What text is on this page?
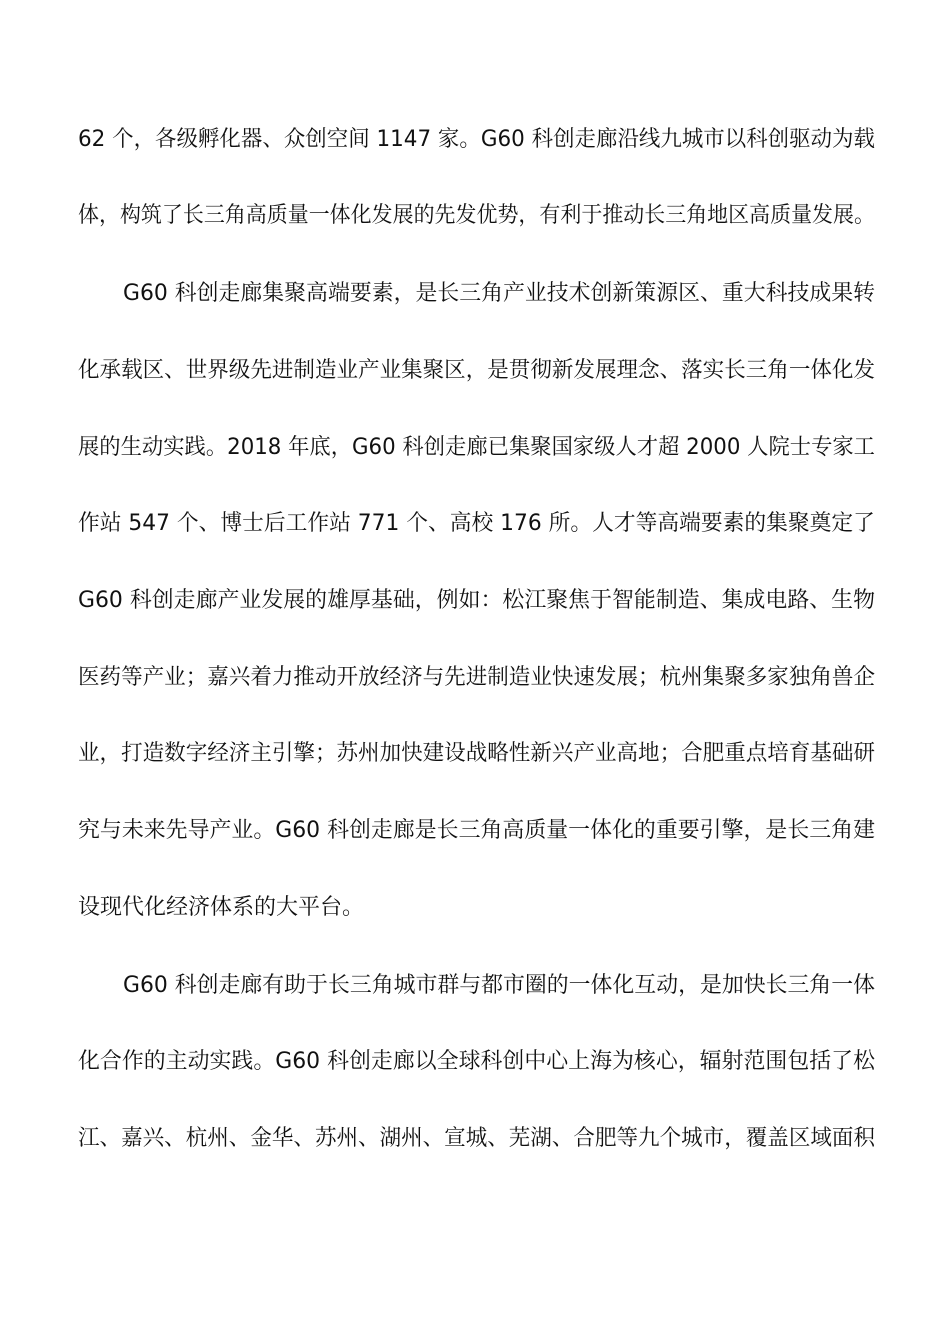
62 个，各级孵化器、众创空间 1147 家。G60 科创走廊沿线九城市以科创驱动为载
体，构筑了长三角高质量一体化发展的先发优势，有利于推动长三角地区高质量发展。
G60 科创走廊集聚高端要素，是长三角产业技术创新策源区、重大科技成果转
化承载区、世界级先进制造业产业集聚区，是贯彻新发展理念、落实长三角一体化发
展的生动实践。2018 年底，G60 科创走廊已集聚国家级人才超 2000 人院士专家工
作站 547 个、博士后工作站 771 个、高校 176 所。人才等高端要素的集聚奠定了
G60 科创走廊产业发展的雄厚基础，例如：松江聚焦于智能制造、集成电路、生物
医药等产业；嘉兴着力推动开放经济与先进制造业快速发展；杭州集聚多家独角兽企
业，打造数字经济主引擎；苏州加快建设战略性新兴产业高地；合肥重点培育基础研
究与未来先导产业。G60 科创走廊是长三角高质量一体化的重要引擎，是长三角建
设现代化经济体系的大平台。
G60 科创走廊有助于长三角城市群与都市圈的一体化互动，是加快长三角一体
化合作的主动实践。G60 科创走廊以全球科创中心上海为核心，辐射范围包括了松
江、嘉兴、杭州、金华、苏州、湖州、宣城、芜湖、合肥等九个城市，覆盖区域面积
